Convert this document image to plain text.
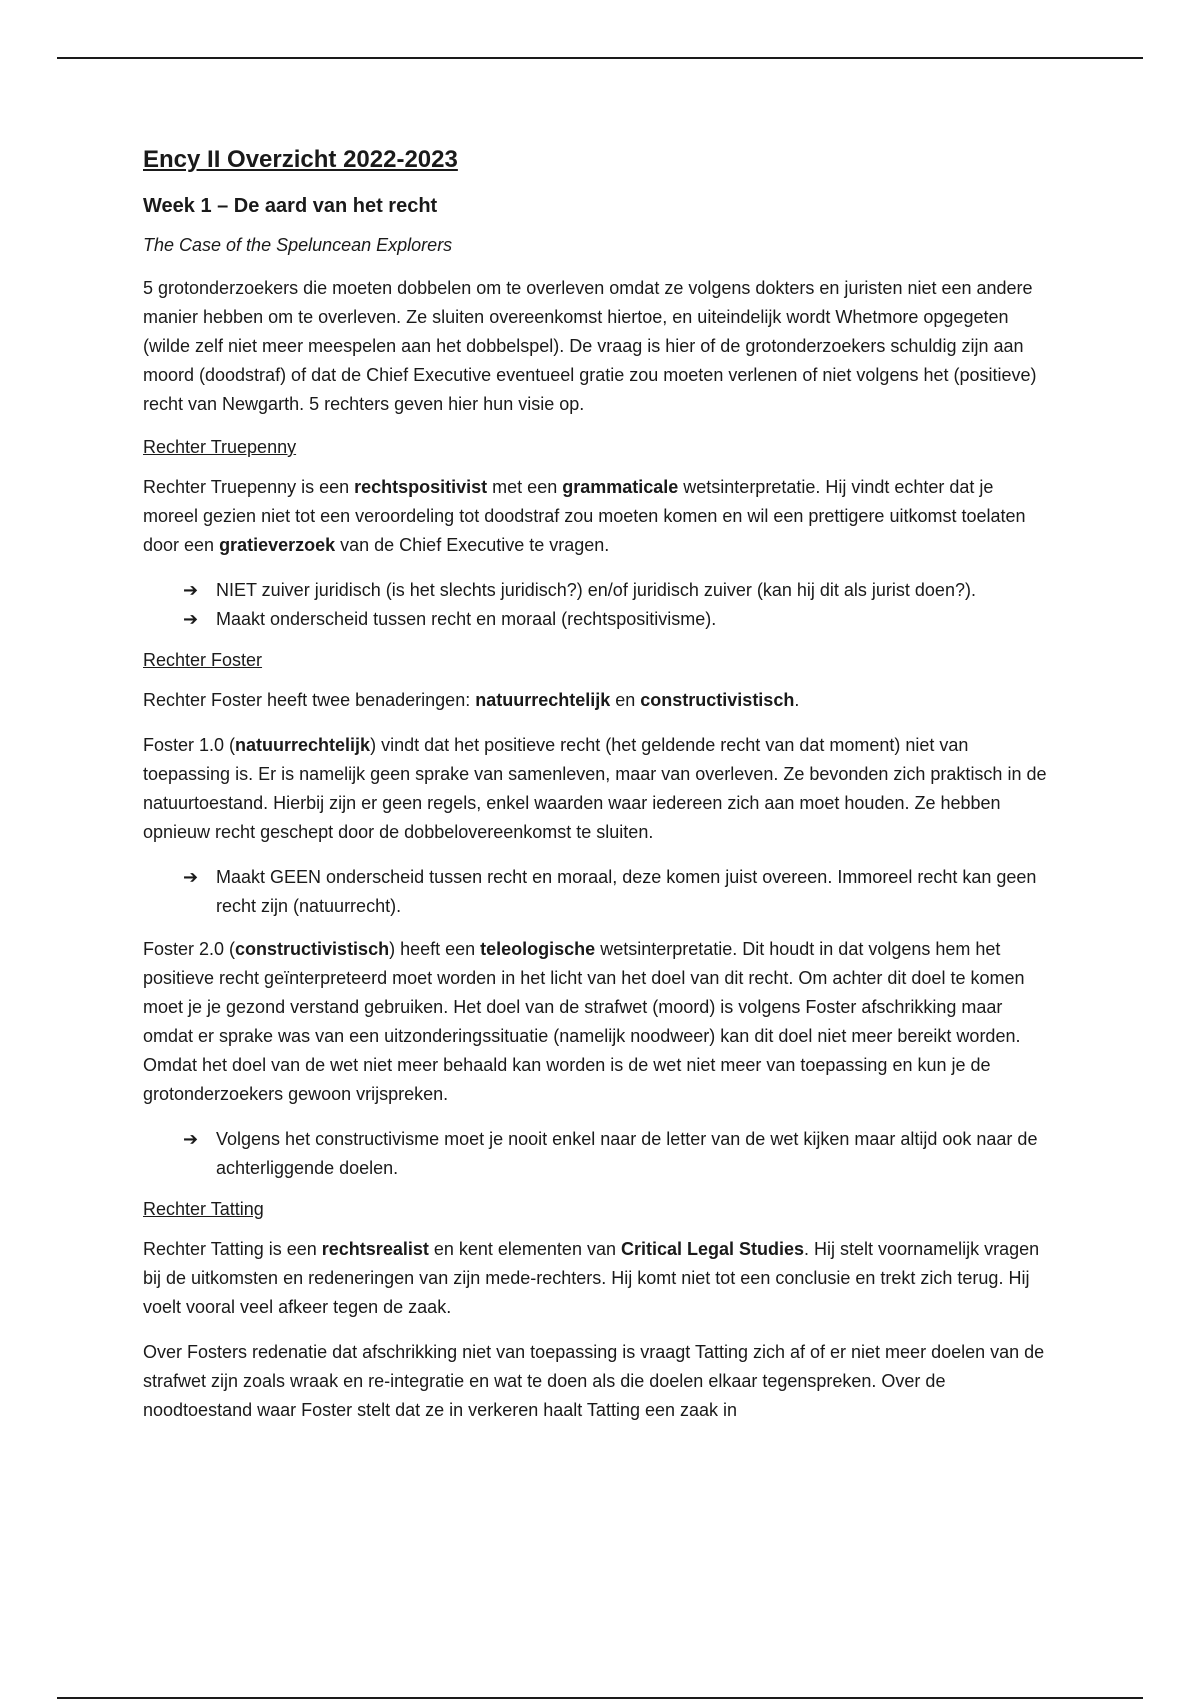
Ency II Overzicht 2022-2023
Week 1 – De aard van het recht
The Case of the Speluncean Explorers

5 grotonderzoekers die moeten dobbelen om te overleven omdat ze volgens dokters en juristen niet een andere manier hebben om te overleven. Ze sluiten overeenkomst hiertoe, en uiteindelijk wordt Whetmore opgegeten (wilde zelf niet meer meespelen aan het dobbelspel). De vraag is hier of de grotonderzoekers schuldig zijn aan moord (doodstraf) of dat de Chief Executive eventueel gratie zou moeten verlenen of niet volgens het (positieve) recht van Newgarth. 5 rechters geven hier hun visie op.

Rechter Truepenny

Rechter Truepenny is een rechtspositivist met een grammaticale wetsinterpretatie. Hij vindt echter dat je moreel gezien niet tot een veroordeling tot doodstraf zou moeten komen en wil een prettigere uitkomst toelaten door een gratieverzoek van de Chief Executive te vragen.

➔ NIET zuiver juridisch (is het slechts juridisch?) en/of juridisch zuiver (kan hij dit als jurist doen?).
➔ Maakt onderscheid tussen recht en moraal (rechtspositivisme).
Rechter Foster

Rechter Foster heeft twee benaderingen: natuurrechtelijk en constructivistisch.

Foster 1.0 (natuurrechtelijk) vindt dat het positieve recht (het geldende recht van dat moment) niet van toepassing is. Er is namelijk geen sprake van samenleven, maar van overleven. Ze bevonden zich praktisch in de natuurtoestand. Hierbij zijn er geen regels, enkel waarden waar iedereen zich aan moet houden. Ze hebben opnieuw recht geschept door de dobbelovereenkomst te sluiten.

➔ Maakt GEEN onderscheid tussen recht en moraal, deze komen juist overeen. Immoreel recht kan geen recht zijn (natuurrecht).

Foster 2.0 (constructivistisch) heeft een teleologische wetsinterpretatie. Dit houdt in dat volgens hem het positieve recht geïnterpreteerd moet worden in het licht van het doel van dit recht. Om achter dit doel te komen moet je je gezond verstand gebruiken. Het doel van de strafwet (moord) is volgens Foster afschrikking maar omdat er sprake was van een uitzonderingssituatie (namelijk noodweer) kan dit doel niet meer bereikt worden. Omdat het doel van de wet niet meer behaald kan worden is de wet niet meer van toepassing en kun je de grotonderzoekers gewoon vrijspreken.

➔ Volgens het constructivisme moet je nooit enkel naar de letter van de wet kijken maar altijd ook naar de achterliggende doelen.
Rechter Tatting

Rechter Tatting is een rechtsrealist en kent elementen van Critical Legal Studies. Hij stelt voornamelijk vragen bij de uitkomsten en redeneringen van zijn mede-rechters. Hij komt niet tot een conclusie en trekt zich terug. Hij voelt vooral veel afkeer tegen de zaak.

Over Fosters redenatie dat afschrikking niet van toepassing is vraagt Tatting zich af of er niet meer doelen van de strafwet zijn zoals wraak en re-integratie en wat te doen als die doelen elkaar tegenspreken. Over de noodtoestand waar Foster stelt dat ze in verkeren haalt Tatting een zaak in
